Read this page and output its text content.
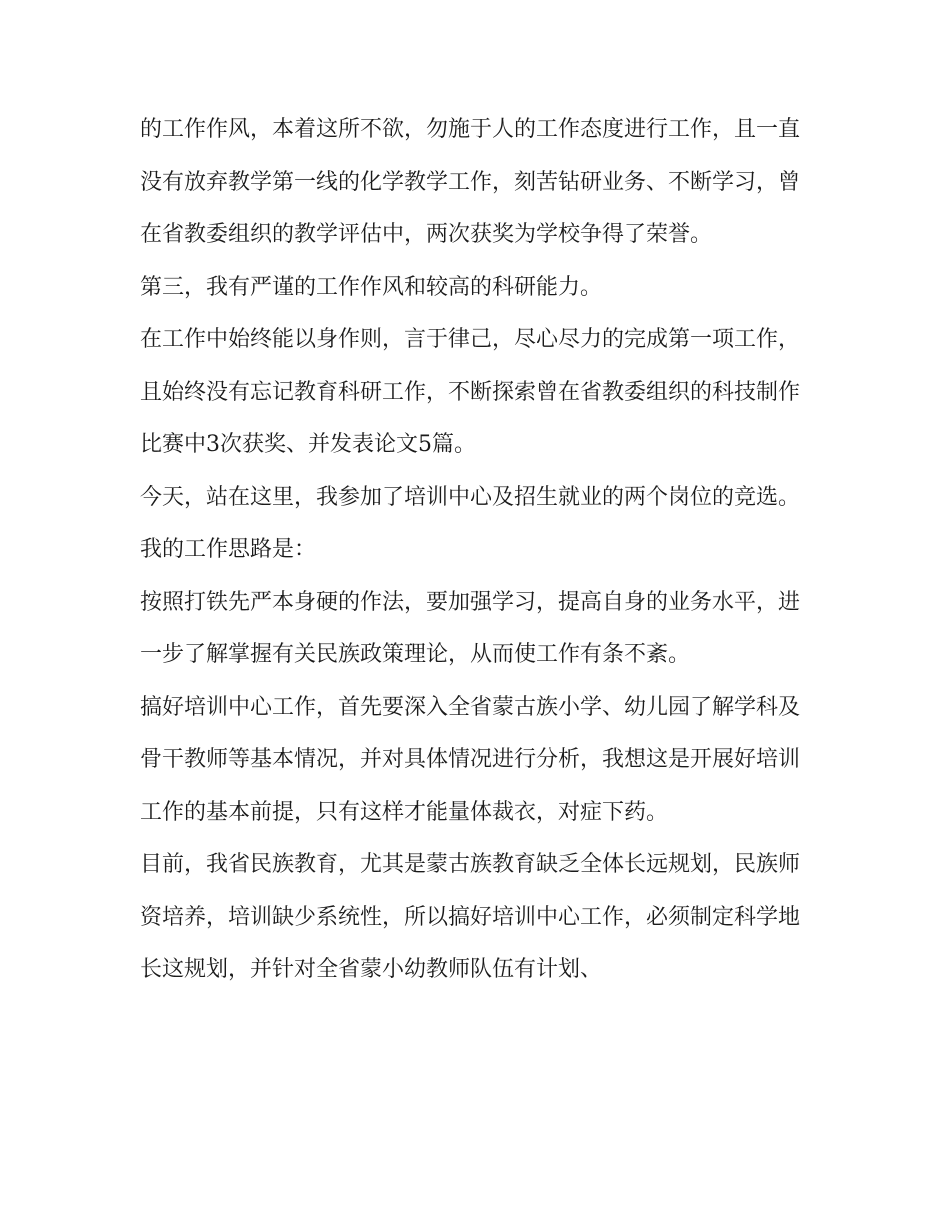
的工作作风，本着这所不欲，勿施于人的工作态度进行工作，且一直没有放弃教学第一线的化学教学工作，刻苦钻研业务、不断学习，曾在省教委组织的教学评估中，两次获奖为学校争得了荣誉。

第三，我有严谨的工作作风和较高的科研能力。

在工作中始终能以身作则，言于律己，尽心尽力的完成第一项工作，且始终没有忘记教育科研工作，不断探索曾在省教委组织的科技制作比赛中3次获奖、并发表论文5篇。

今天，站在这里，我参加了培训中心及招生就业的两个岗位的竞选。我的工作思路是：

按照打铁先严本身硬的作法，要加强学习，提高自身的业务水平，进一步了解掌握有关民族政策理论，从而使工作有条不紊。

搞好培训中心工作，首先要深入全省蒙古族小学、幼儿园了解学科及骨干教师等基本情况，并对具体情况进行分析，我想这是开展好培训工作的基本前提，只有这样才能量体裁衣，对症下药。

目前，我省民族教育，尤其是蒙古族教育缺乏全体长远规划，民族师资培养，培训缺少系统性，所以搞好培训中心工作，必须制定科学地长这规划，并针对全省蒙小幼教师队伍有计划、
